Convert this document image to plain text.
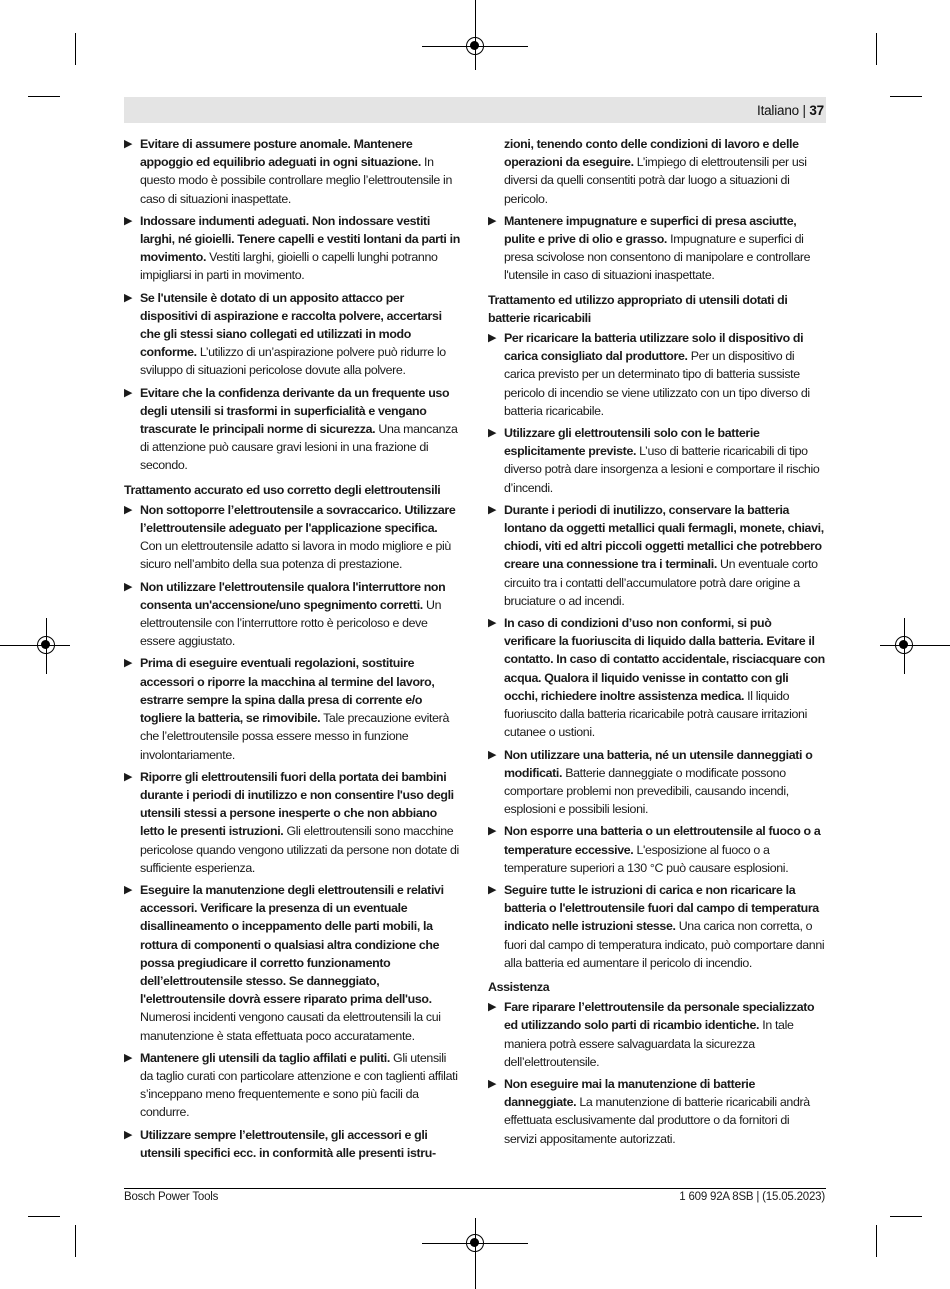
Italiano | 37
▶ Evitare di assumere posture anomale. Mantenere appoggio ed equilibrio adeguati in ogni situazione. In questo modo è possibile controllare meglio l’elettroutensile in caso di situazioni inaspettate.
▶ Indossare indumenti adeguati. Non indossare vestiti larghi, né gioielli. Tenere capelli e vestiti lontani da parti in movimento. Vestiti larghi, gioielli o capelli lunghi potranno impigliarsi in parti in movimento.
▶ Se l'utensile è dotato di un apposito attacco per dispositivi di aspirazione e raccolta polvere, accertarsi che gli stessi siano collegati ed utilizzati in modo conforme. L’utilizzo di un’aspirazione polvere può ridurre lo sviluppo di situazioni pericolose dovute alla polvere.
▶ Evitare che la confidenza derivante da un frequente uso degli utensili si trasformi in superficialità e vengano trascurate le principali norme di sicurezza. Una mancanza di attenzione può causare gravi lesioni in una frazione di secondo.
Trattamento accurato ed uso corretto degli elettroutensili
▶ Non sottoporre l’elettroutensile a sovraccarico. Utilizzare l’elettroutensile adeguato per l'applicazione specifica. Con un elettroutensile adatto si lavora in modo migliore e più sicuro nell’ambito della sua potenza di prestazione.
▶ Non utilizzare l'elettroutensile qualora l'interruttore non consenta un'accensione/uno spegnimento corretti. Un elettroutensile con l’interruttore rotto è pericoloso e deve essere aggiustato.
▶ Prima di eseguire eventuali regolazioni, sostituire accessori o riporre la macchina al termine del lavoro, estrarre sempre la spina dalla presa di corrente e/o togliere la batteria, se rimovibile. Tale precauzione eviterà che l’elettroutensile possa essere messo in funzione involontariamente.
▶ Riporre gli elettroutensili fuori della portata dei bambini durante i periodi di inutilizzo e non consentire l'uso degli utensili stessi a persone inesperte o che non abbiano letto le presenti istruzioni. Gli elettroutensili sono macchine pericolose quando vengono utilizzati da persone non dotate di sufficiente esperienza.
▶ Eseguire la manutenzione degli elettroutensili e relativi accessori. Verificare la presenza di un eventuale disallineamento o inceppamento delle parti mobili, la rottura di componenti o qualsiasi altra condizione che possa pregiudicare il corretto funzionamento dell’elettroutensile stesso. Se danneggiato, l'elettroutensile dovrà essere riparato prima dell'uso. Numerosi incidenti vengono causati da elettroutensili la cui manutenzione è stata effettuata poco accuratamente.
▶ Mantenere gli utensili da taglio affilati e puliti. Gli utensili da taglio curati con particolare attenzione e con taglienti affilati s’inceppano meno frequentemente e sono più facili da condurre.
▶ Utilizzare sempre l’elettroutensile, gli accessori e gli utensili specifici ecc. in conformità alle presenti istru-
zioni, tenendo conto delle condizioni di lavoro e delle operazioni da eseguire. L’impiego di elettroutensili per usi diversi da quelli consentiti potrà dar luogo a situazioni di pericolo.
▶ Mantenere impugnature e superfici di presa asciutte, pulite e prive di olio e grasso. Impugnature e superfici di presa scivolose non consentono di manipolare e controllare l'utensile in caso di situazioni inaspettate.
Trattamento ed utilizzo appropriato di utensili dotati di batterie ricaricabili
▶ Per ricaricare la batteria utilizzare solo il dispositivo di carica consigliato dal produttore. Per un dispositivo di carica previsto per un determinato tipo di batteria sussiste pericolo di incendio se viene utilizzato con un tipo diverso di batteria ricaricabile.
▶ Utilizzare gli elettroutensili solo con le batterie esplicitamente previste. L’uso di batterie ricaricabili di tipo diverso potrà dare insorgenza a lesioni e comportare il rischio d’incendi.
▶ Durante i periodi di inutilizzo, conservare la batteria lontano da oggetti metallici quali fermagli, monete, chiavi, chiodi, viti ed altri piccoli oggetti metallici che potrebbero creare una connessione tra i terminali. Un eventuale corto circuito tra i contatti dell’accumulatore potrà dare origine a bruciature o ad incendi.
▶ In caso di condizioni d’uso non conformi, si può verificare la fuoriuscita di liquido dalla batteria. Evitare il contatto. In caso di contatto accidentale, risciacquare con acqua. Qualora il liquido venisse in contatto con gli occhi, richiedere inoltre assistenza medica. Il liquido fuoriuscito dalla batteria ricaricabile potrà causare irritazioni cutanee o ustioni.
▶ Non utilizzare una batteria, né un utensile danneggiati o modificati. Batterie danneggiate o modificate possono comportare problemi non prevedibili, causando incendi, esplosioni e possibili lesioni.
▶ Non esporre una batteria o un elettroutensile al fuoco o a temperature eccessive. L'esposizione al fuoco o a temperature superiori a 130 °C può causare esplosioni.
▶ Seguire tutte le istruzioni di carica e non ricaricare la batteria o l'elettroutensile fuori dal campo di temperatura indicato nelle istruzioni stesse. Una carica non corretta, o fuori dal campo di temperatura indicato, può comportare danni alla batteria ed aumentare il pericolo di incendio.
Assistenza
▶ Fare riparare l’elettroutensile da personale specializzato ed utilizzando solo parti di ricambio identiche. In tale maniera potrà essere salvaguardata la sicurezza dell’elettroutensile.
▶ Non eseguire mai la manutenzione di batterie danneggiate. La manutenzione di batterie ricaricabili andrà effettuata esclusivamente dal produttore o da fornitori di servizi appositamente autorizzati.
Bosch Power Tools	1 609 92A 8SB | (15.05.2023)
